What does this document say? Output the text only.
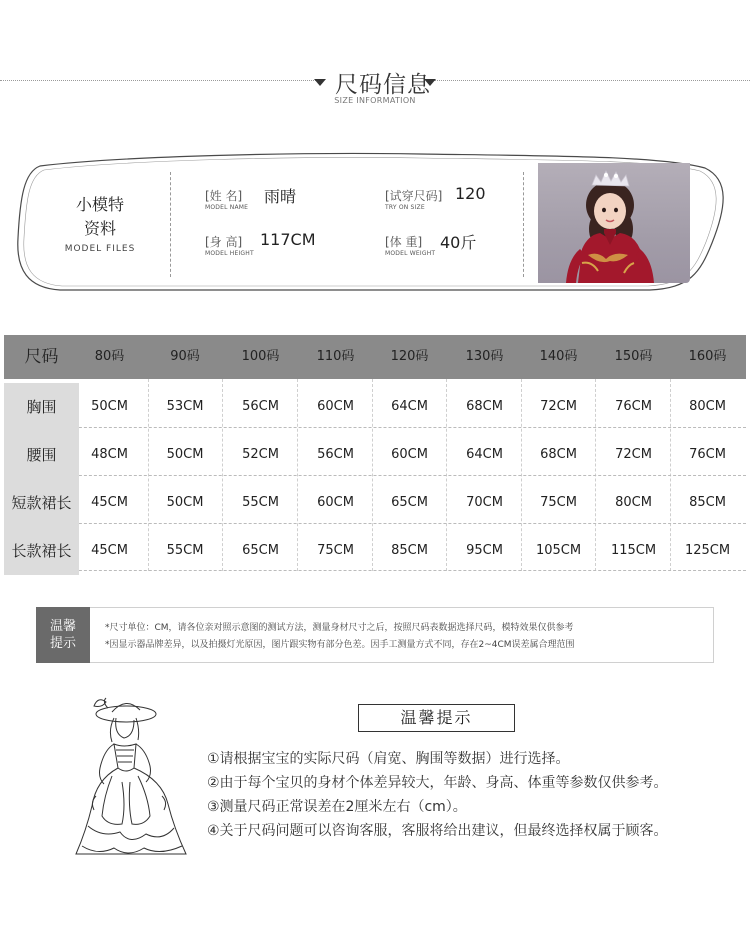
尺码信息
SIZE INFORMATION
小模特
资料
MODEL FILES
[姓 名] 雨晴
MODEL NAME
[身 高] 117CM
MODEL HEIGHT
[试穿尺码] 120
TRY ON SIZE
[体 重] 40斤
MODEL WEIGHT
尺码	80码	90码	100码	110码	120码	130码	140码	150码	160码
胸围	50CM	53CM	56CM	60CM	64CM	68CM	72CM	76CM	80CM
腰围	48CM	50CM	52CM	56CM	60CM	64CM	68CM	72CM	76CM
短款裙长	45CM	50CM	55CM	60CM	65CM	70CM	75CM	80CM	85CM
长款裙长	45CM	55CM	65CM	75CM	85CM	95CM	105CM	115CM	125CM
温馨
提示
*尺寸单位：CM，请各位亲对照示意图的测试方法，测量身材尺寸之后，按照尺码表数据选择尺码，模特效果仅供参考
*因显示器品牌差异，以及拍摄灯光原因，图片跟实物有部分色差。因手工测量方式不同，存在2~4CM误差属合理范围
温馨提示
①请根据宝宝的实际尺码（肩宽、胸围等数据）进行选择。
②由于每个宝贝的身材个体差异较大，年龄、身高、体重等参数仅供参考。
③测量尺码正常误差在2厘米左右（cm）。
④关于尺码问题可以咨询客服，客服将给出建议，但最终选择权属于顾客。
